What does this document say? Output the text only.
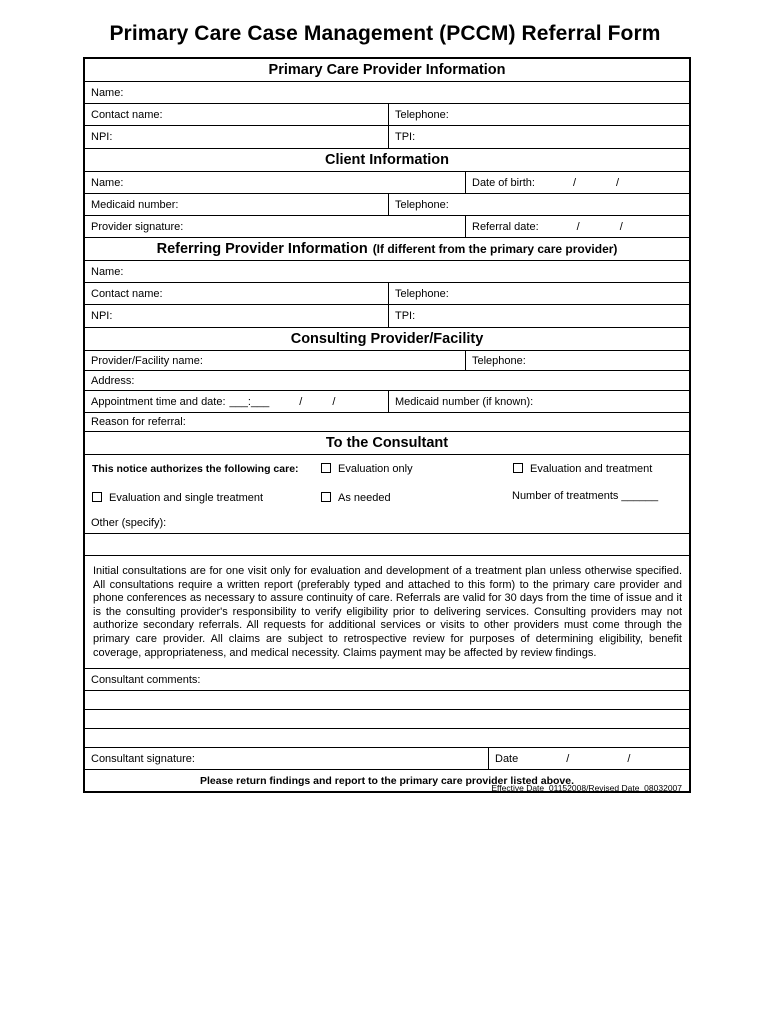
Primary Care Case Management (PCCM) Referral Form
Primary Care Provider Information
Name:
Contact name:	Telephone:
NPI:	TPI:
Client Information
Name:	Date of birth:	/	/
Medicaid number:	Telephone:
Provider signature:	Referral date:	/	/
Referring Provider Information (If different from the primary care provider)
Name:
Contact name:	Telephone:
NPI:	TPI:
Consulting Provider/Facility
Provider/Facility name:	Telephone:
Address:
Appointment time and date: ___:___	/	/	Medicaid number (if known):
Reason for referral:
To the Consultant
This notice authorizes the following care:	Evaluation only	Evaluation and treatment
Evaluation and single treatment	As needed	Number of treatments ______
Other (specify):
Initial consultations are for one visit only for evaluation and development of a treatment plan unless otherwise specified. All consultations require a written report (preferably typed and attached to this form) to the primary care provider and phone conferences as necessary to assure continuity of care. Referrals are valid for 30 days from the time of issue and it is the consulting provider's responsibility to verify eligibility prior to delivering services. Consulting providers may not authorize secondary referrals. All requests for additional services or visits to other providers must come through the primary care provider. All claims are subject to retrospective review for purposes of determining eligibility, benefit coverage, appropriateness, and medical necessity. Claims payment may be affected by review findings.
Consultant comments:
Consultant signature:	Date	/	/
Please return findings and report to the primary care provider listed above.
Effective Date_01152008/Revised Date_08032007
